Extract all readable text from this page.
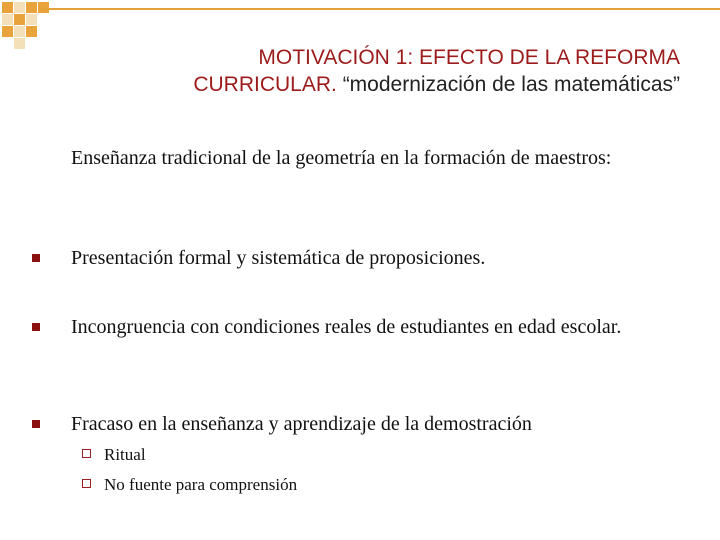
MOTIVACIÓN 1: EFECTO DE LA REFORMA
CURRICULAR. “modernización de las matemáticas”
Enseñanza tradicional de la geometría en la formación de maestros:
Presentación formal y sistemática de proposiciones.
Incongruencia con condiciones reales de estudiantes en edad escolar.
Fracaso en la enseñanza y aprendizaje de la demostración
Ritual
No fuente para comprensión
